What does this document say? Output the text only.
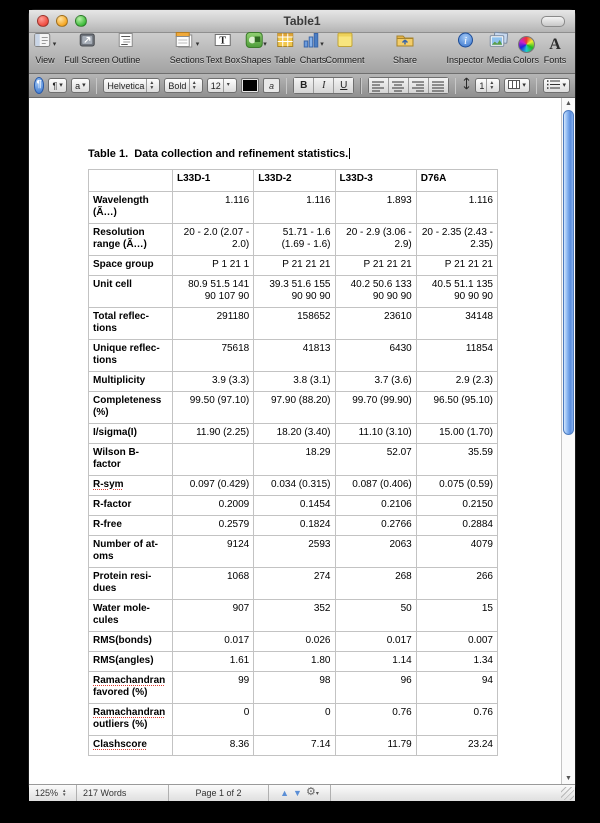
Table1
▾
View Full Screen Outline
▾
Sections
T
Text Box
▾
Shapes Table
▾
Charts Comment	Share
i
Inspector Media Colors
A
Fonts
¶ ¶ ▾ a ▾ Helvetica ▲
▼ Bold ▲
▼ 12 ▾	a	B	I	U	1 ▲
▼	▾	▾
Table 1.  Data collection and refinement statistics.
	L33D-1	L33D-2	L33D-3	D76A
Wavelength
(Ã…)	1.116	1.116	1.893	1.116
Resolution
range (Ã…)	20 - 2.0 (2.07 - 2.0)	51.71 - 1.6 (1.69 - 1.6)	20 - 2.9 (3.06 - 2.9)	20 - 2.35 (2.43 - 2.35)
Space group	P 1 21 1	P 21 21 21	P 21 21 21	P 21 21 21
Unit cell	80.9 51.5 141 90 107 90	39.3 51.6 155 90 90 90	40.2 50.6 133 90 90 90	40.5 51.1 135 90 90 90
Total reflec-
tions	291180	158652	23610	34148
Unique reflec-
tions	75618	41813	6430	11854
Multiplicity	3.9 (3.3)	3.8 (3.1)	3.7 (3.6)	2.9 (2.3)
Completeness
(%)	99.50 (97.10)	97.90 (88.20)	99.70 (99.90)	96.50 (95.10)
I/sigma(I)	11.90 (2.25)	18.20 (3.40)	11.10 (3.10)	15.00 (1.70)
Wilson B-
factor		18.29	52.07	35.59
R-sym	0.097 (0.429)	0.034 (0.315)	0.087 (0.406)	0.075 (0.59)
R-factor	0.2009	0.1454	0.2106	0.2150
R-free	0.2579	0.1824	0.2766	0.2884
Number of at-
oms	9124	2593	2063	4079
Protein resi-
dues	1068	274	268	266
Water mole-
cules	907	352	50	15
RMS(bonds)	0.017	0.026	0.017	0.007
RMS(angles)	1.61	1.80	1.14	1.34
Ramachandran
favored (%)	99	98	96	94
Ramachandran
outliers (%)	0	0	0.76	0.76
Clashscore	8.36	7.14	11.79	23.24
▲
▼
125% ▲
▼ 217 Words	Page 1 of 2	▲ ▼ ⚙▾
